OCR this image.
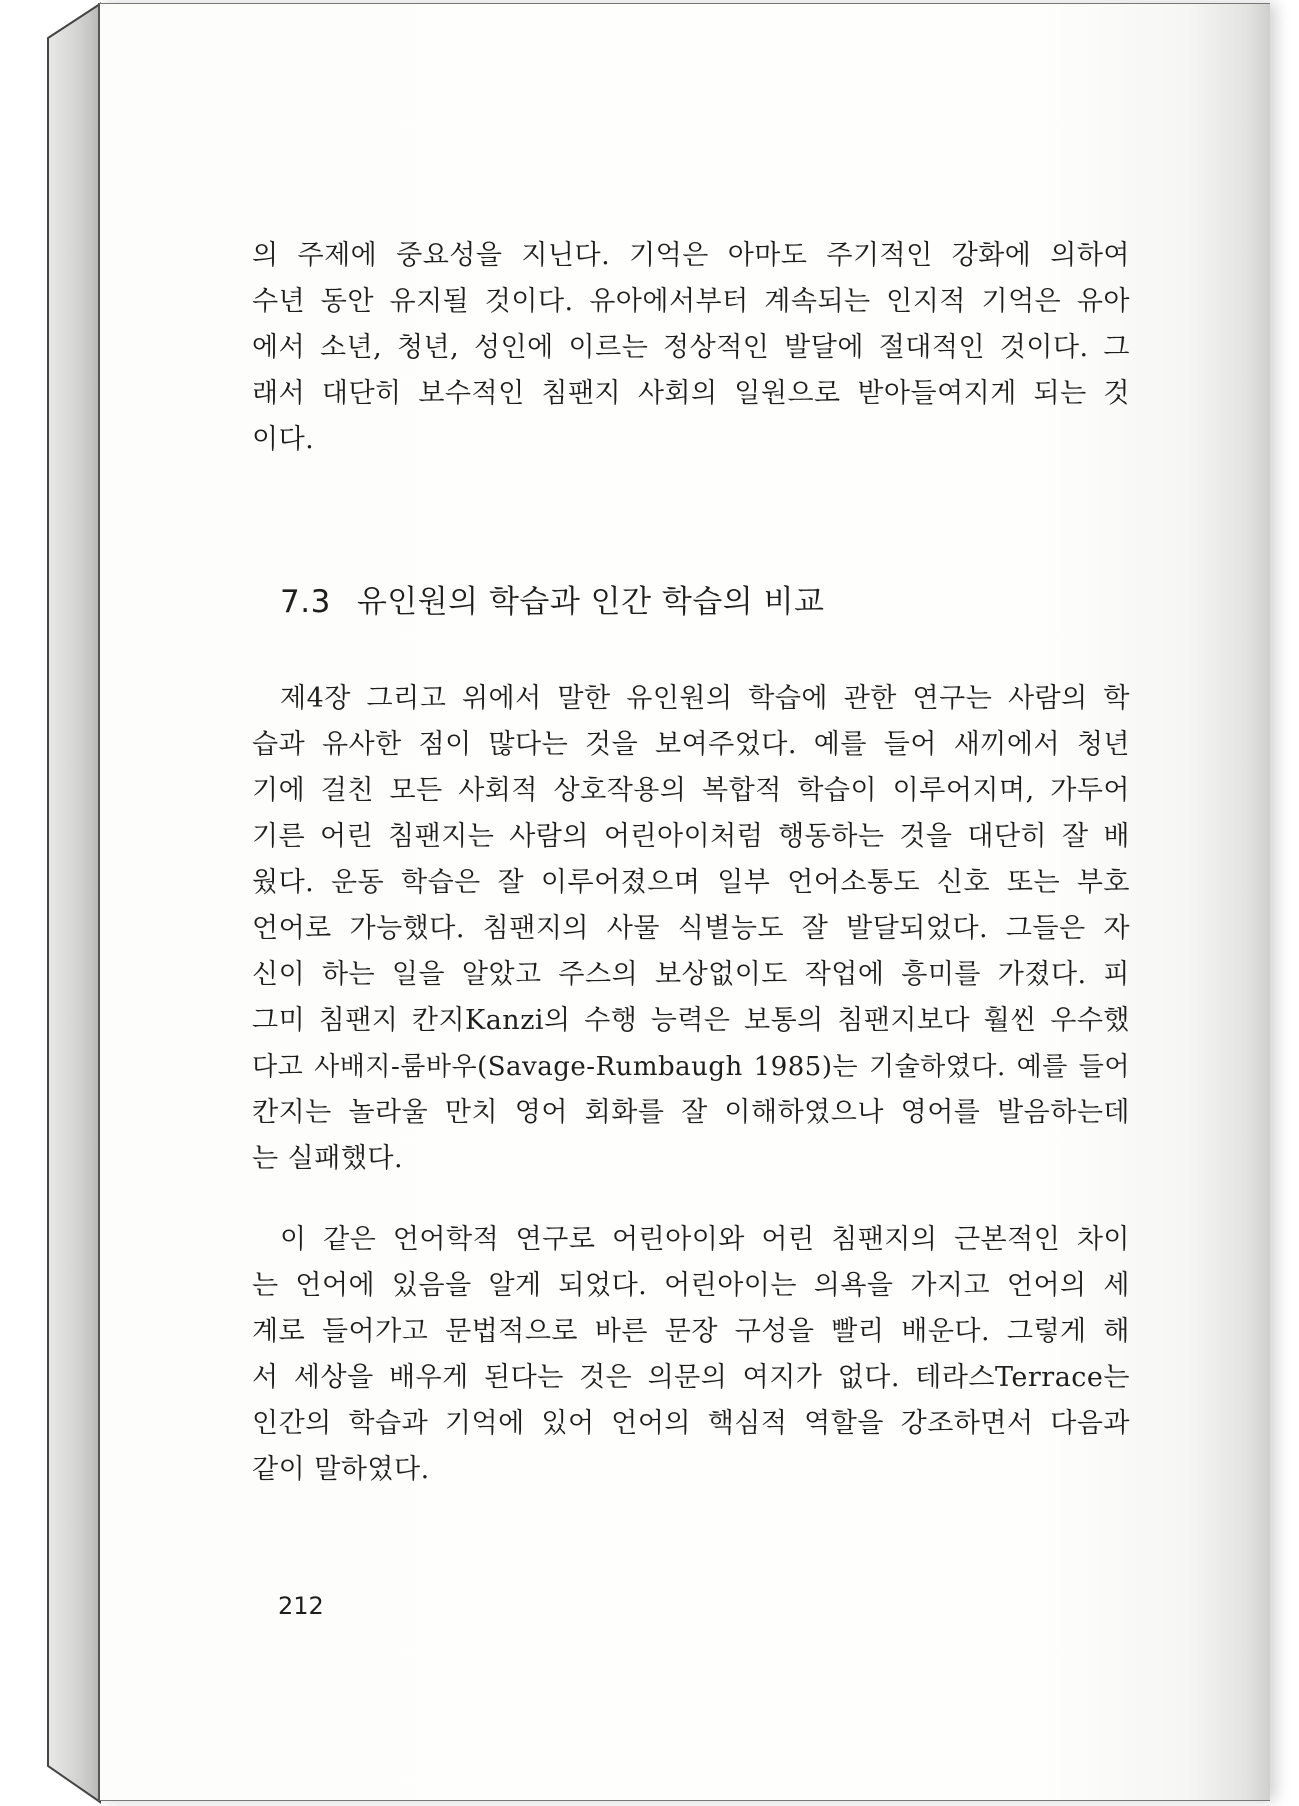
의 주제에 중요성을 지닌다. 기억은 아마도 주기적인 강화에 의하여

수년 동안 유지될 것이다. 유아에서부터 계속되는 인지적 기억은 유아

에서 소년, 청년, 성인에 이르는 정상적인 발달에 절대적인 것이다. 그

래서 대단히 보수적인 침팬지 사회의 일원으로 받아들여지게 되는 것

이다.

7.3 유인원의 학습과 인간 학습의 비교

제4장 그리고 위에서 말한 유인원의 학습에 관한 연구는 사람의 학

습과 유사한 점이 많다는 것을 보여주었다. 예를 들어 새끼에서 청년

기에 걸친 모든 사회적 상호작용의 복합적 학습이 이루어지며, 가두어

기른 어린 침팬지는 사람의 어린아이처럼 행동하는 것을 대단히 잘 배

웠다. 운동 학습은 잘 이루어졌으며 일부 언어소통도 신호 또는 부호

언어로 가능했다. 침팬지의 사물 식별능도 잘 발달되었다. 그들은 자

신이 하는 일을 알았고 주스의 보상없이도 작업에 흥미를 가졌다. 피

그미 침팬지 칸지Kanzi의 수행 능력은 보통의 침팬지보다 훨씬 우수했

다고 사배지-룸바우(Savage-Rumbaugh 1985)는 기술하였다. 예를 들어

칸지는 놀라울 만치 영어 회화를 잘 이해하였으나 영어를 발음하는데

는 실패했다.

이 같은 언어학적 연구로 어린아이와 어린 침팬지의 근본적인 차이

는 언어에 있음을 알게 되었다. 어린아이는 의욕을 가지고 언어의 세

계로 들어가고 문법적으로 바른 문장 구성을 빨리 배운다. 그렇게 해

서 세상을 배우게 된다는 것은 의문의 여지가 없다. 테라스Terrace는

인간의 학습과 기억에 있어 언어의 핵심적 역할을 강조하면서 다음과

같이 말하였다.

212
